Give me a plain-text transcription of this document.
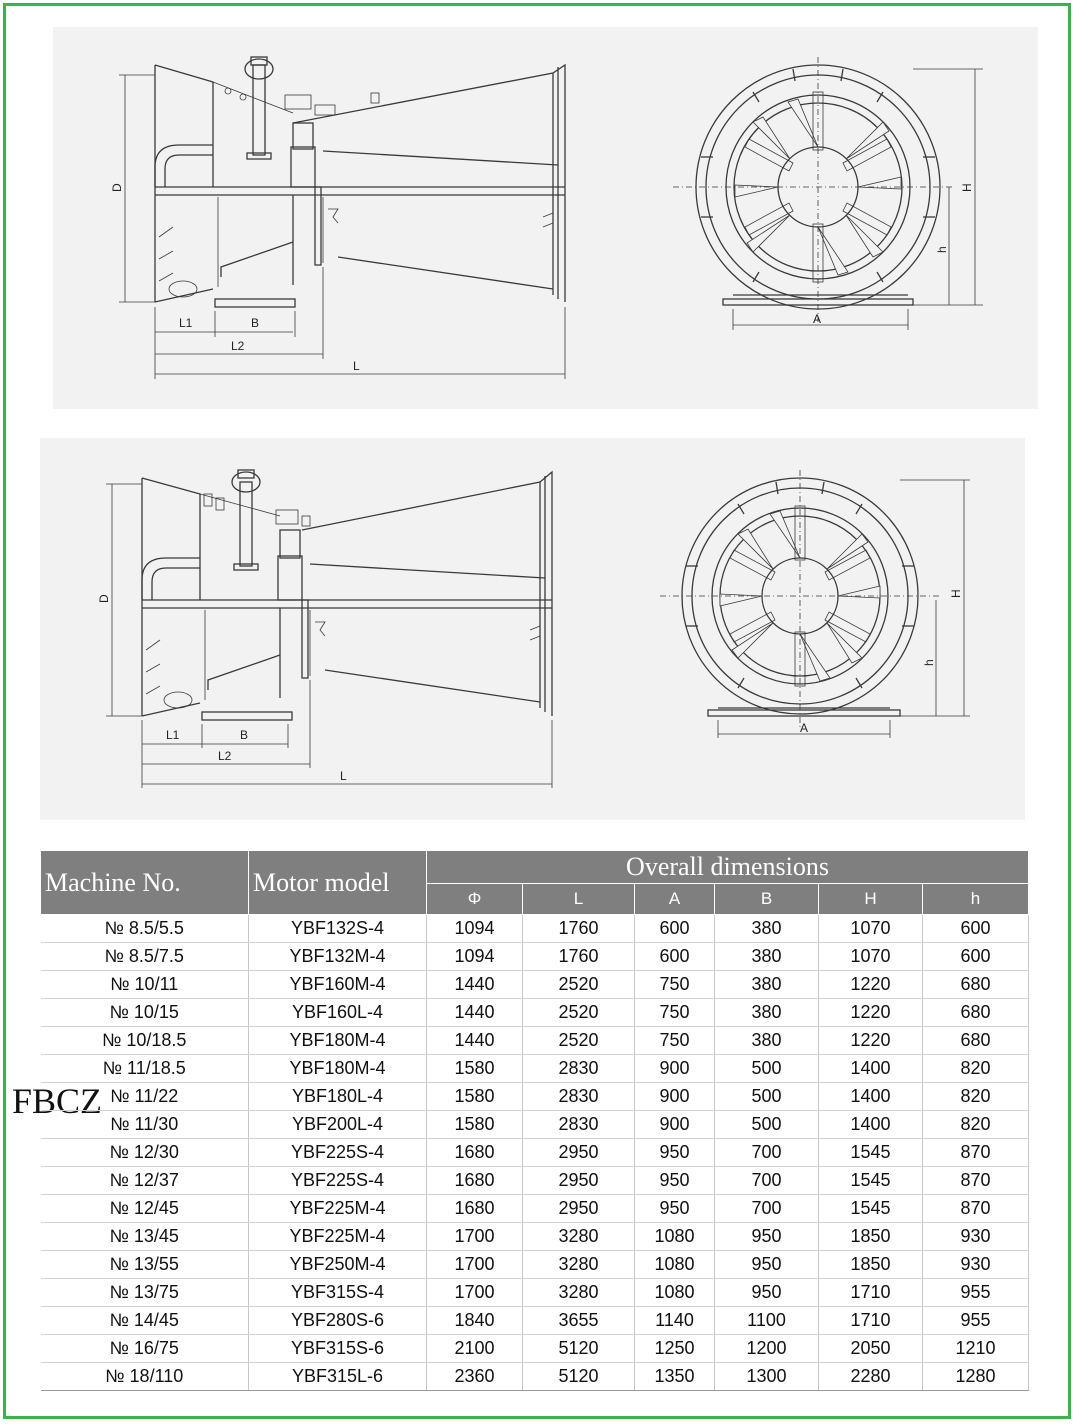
D
L1	B
L2
L
H
h
A
D
L1	B
L2
L
H
h
A
FBCZ
Machine No.	Motor model	Overall dimensions					
		Φ	L	A	B	H	h
№ 8.5/5.5	YBF132S-4	1094	1760	600	380	1070	600
№ 8.5/7.5	YBF132M-4	1094	1760	600	380	1070	600
№ 10/11	YBF160M-4	1440	2520	750	380	1220	680
№ 10/15	YBF160L-4	1440	2520	750	380	1220	680
№ 10/18.5	YBF180M-4	1440	2520	750	380	1220	680
№ 11/18.5	YBF180M-4	1580	2830	900	500	1400	820
№ 11/22	YBF180L-4	1580	2830	900	500	1400	820
№ 11/30	YBF200L-4	1580	2830	900	500	1400	820
№ 12/30	YBF225S-4	1680	2950	950	700	1545	870
№ 12/37	YBF225S-4	1680	2950	950	700	1545	870
№ 12/45	YBF225M-4	1680	2950	950	700	1545	870
№ 13/45	YBF225M-4	1700	3280	1080	950	1850	930
№ 13/55	YBF250M-4	1700	3280	1080	950	1850	930
№ 13/75	YBF315S-4	1700	3280	1080	950	1710	955
№ 14/45	YBF280S-6	1840	3655	1140	1100	1710	955
№ 16/75	YBF315S-6	2100	5120	1250	1200	2050	1210
№ 18/110	YBF315L-6	2360	5120	1350	1300	2280	1280
